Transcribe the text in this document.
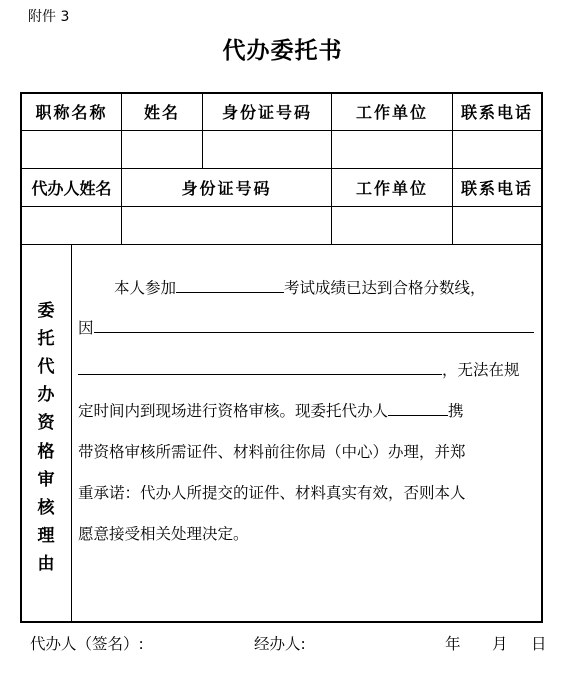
附件 3
代办委托书
职称名称	姓名	身份证号码	工作单位	联系电话
代办人姓名	身份证号码	工作单位	联系电话
委
托
代
办
资
格
审
核
理
由
本人参加	考试成绩已达到合格分数线，
因
，无法在规
定时间内到现场进行资格审核。现委托代办人	携
带资格审核所需证件、材料前往你局（中心）办理，并郑
重承诺：代办人所提交的证件、材料真实有效，否则本人
愿意接受相关处理决定。
代办人（签名）:	经办人:	年 月 日
